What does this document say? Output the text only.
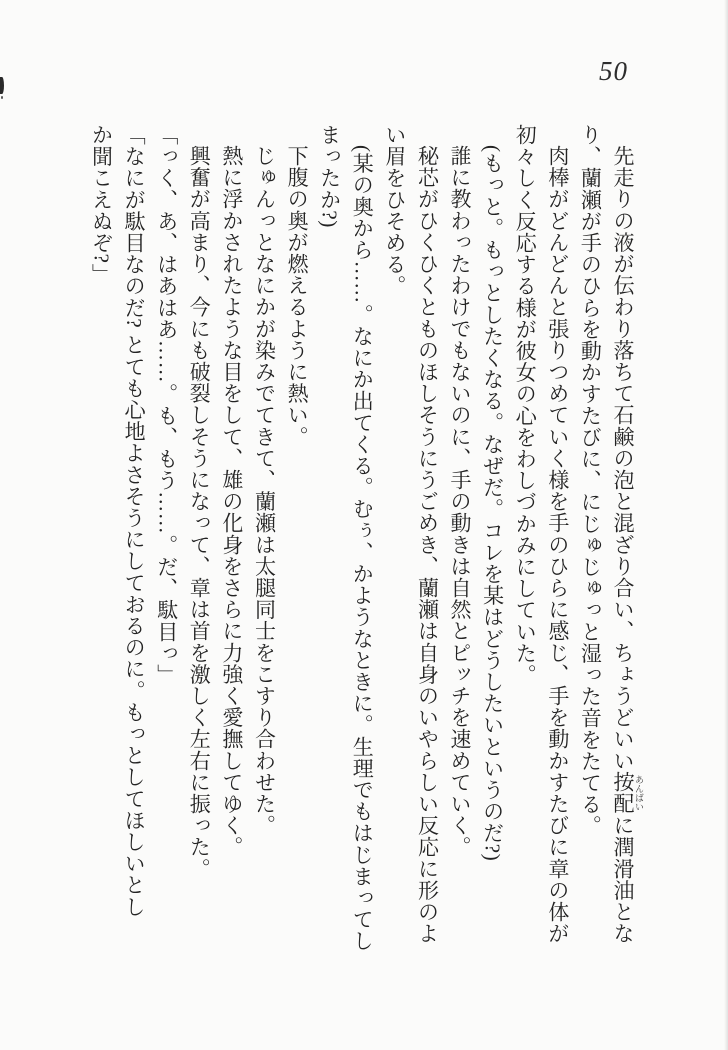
50
先走りの液が伝わり落ちて石鹸の泡と混ざり合い、ちょうどいい按配 あんばいに潤滑油とな
り、蘭瀬が手のひらを動かすたびに、にじゅじゅっと湿った音をたてる。
肉棒がどんどんと張りつめていく様を手のひらに感じ、手を動かすたびに章の体が
初々しく反応する様が彼女の心をわしづかみにしていた。
(もっと。もっとしたくなる。なぜだ。コレを某はどうしたいというのだ?)
誰に教わったわけでもないのに、手の動きは自然とピッチを速めていく。
秘芯がひくひくとものほしそうにうごめき、蘭瀬は自身のいやらしい反応に形のよ
い眉をひそめる。
(某の奥から……。なにか出てくる。むぅ、かようなときに。生理でもはじまってし
まったか?)
下腹の奥が燃えるように熱い。
じゅんっとなにかが染みでてきて、蘭瀬は太腿同士をこすり合わせた。
熱に浮かされたような目をして、雄の化身をさらに力強く愛撫してゆく。
興奮が高まり、今にも破裂しそうになって、章は首を激しく左右に振った。
「っく、あ、はあはあ……。も、もう……。だ、駄目っ」
「なにが駄目なのだ? とても心地よさそうにしておるのに。もっとしてほしいとし
か聞こえぬぞ?」
